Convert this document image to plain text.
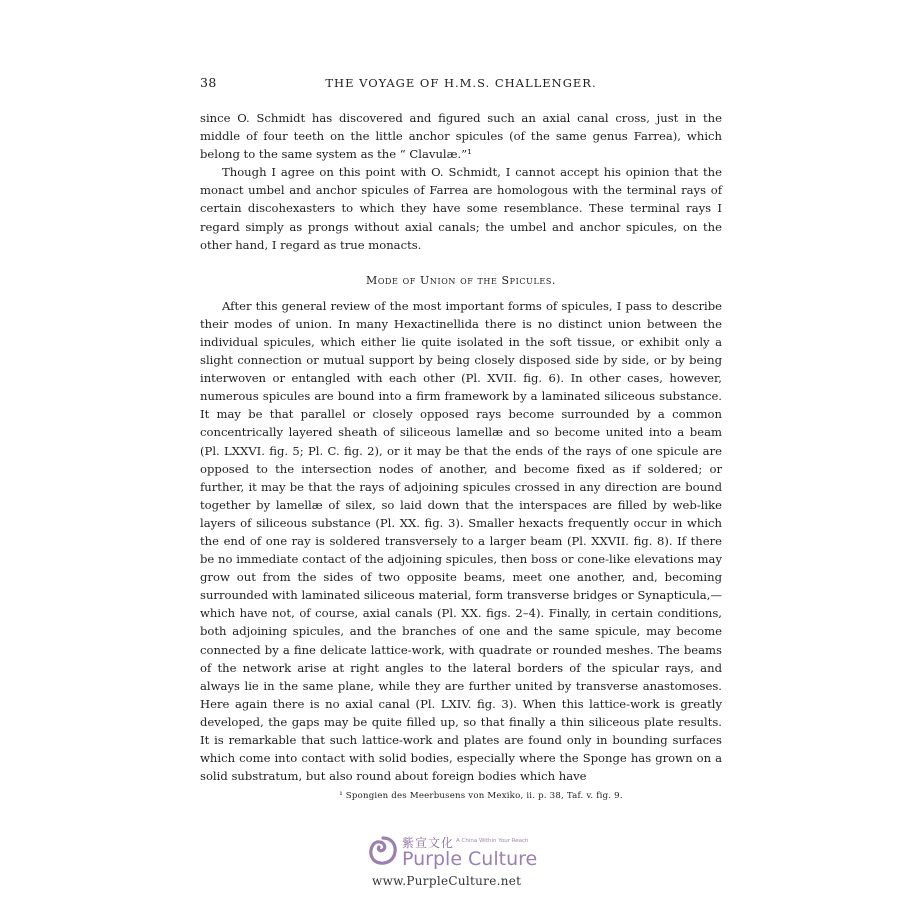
38	THE VOYAGE OF H.M.S. CHALLENGER.

since O. Schmidt has discovered and figured such an axial canal cross, just in the middle of four teeth on the little anchor spicules (of the same genus Farrea), which belong to the same system as the “ Clavulæ.”¹

Though I agree on this point with O. Schmidt, I cannot accept his opinion that the monact umbel and anchor spicules of Farrea are homologous with the terminal rays of certain discohexasters to which they have some resemblance. These terminal rays I regard simply as prongs without axial canals; the umbel and anchor spicules, on the other hand, I regard as true monacts.

Mode of Union of the Spicules.

After this general review of the most important forms of spicules, I pass to describe their modes of union. In many Hexactinellida there is no distinct union between the individual spicules, which either lie quite isolated in the soft tissue, or exhibit only a slight connection or mutual support by being closely disposed side by side, or by being interwoven or entangled with each other (Pl. XVII. fig. 6). In other cases, however, numerous spicules are bound into a firm framework by a laminated siliceous substance. It may be that parallel or closely opposed rays become surrounded by a common concentrically layered sheath of siliceous lamellæ and so become united into a beam (Pl. LXXVI. fig. 5; Pl. C. fig. 2), or it may be that the ends of the rays of one spicule are opposed to the intersection nodes of another, and become fixed as if soldered; or further, it may be that the rays of adjoining spicules crossed in any direction are bound together by lamellæ of silex, so laid down that the interspaces are filled by web-like layers of siliceous substance (Pl. XX. fig. 3). Smaller hexacts frequently occur in which the end of one ray is soldered transversely to a larger beam (Pl. XXVII. fig. 8). If there be no immediate contact of the adjoining spicules, then boss or cone-like elevations may grow out from the sides of two opposite beams, meet one another, and, becoming surrounded with laminated siliceous material, form transverse bridges or Synapticula,—which have not, of course, axial canals (Pl. XX. figs. 2–4). Finally, in certain conditions, both adjoining spicules, and the branches of one and the same spicule, may become connected by a fine delicate lattice-work, with quadrate or rounded meshes. The beams of the network arise at right angles to the lateral borders of the spicular rays, and always lie in the same plane, while they are further united by transverse anastomoses. Here again there is no axial canal (Pl. LXIV. fig. 3). When this lattice-work is greatly developed, the gaps may be quite filled up, so that finally a thin siliceous plate results. It is remarkable that such lattice-work and plates are found only in bounding surfaces which come into contact with solid bodies, especially where the Sponge has grown on a solid substratum, but also round about foreign bodies which have

¹ Spongien des Meerbusens von Mexiko, ii. p. 38, Taf. v. fig. 9.
紫宣文化 A China Within Your Reach
Purple Culture
www.PurpleCulture.net
